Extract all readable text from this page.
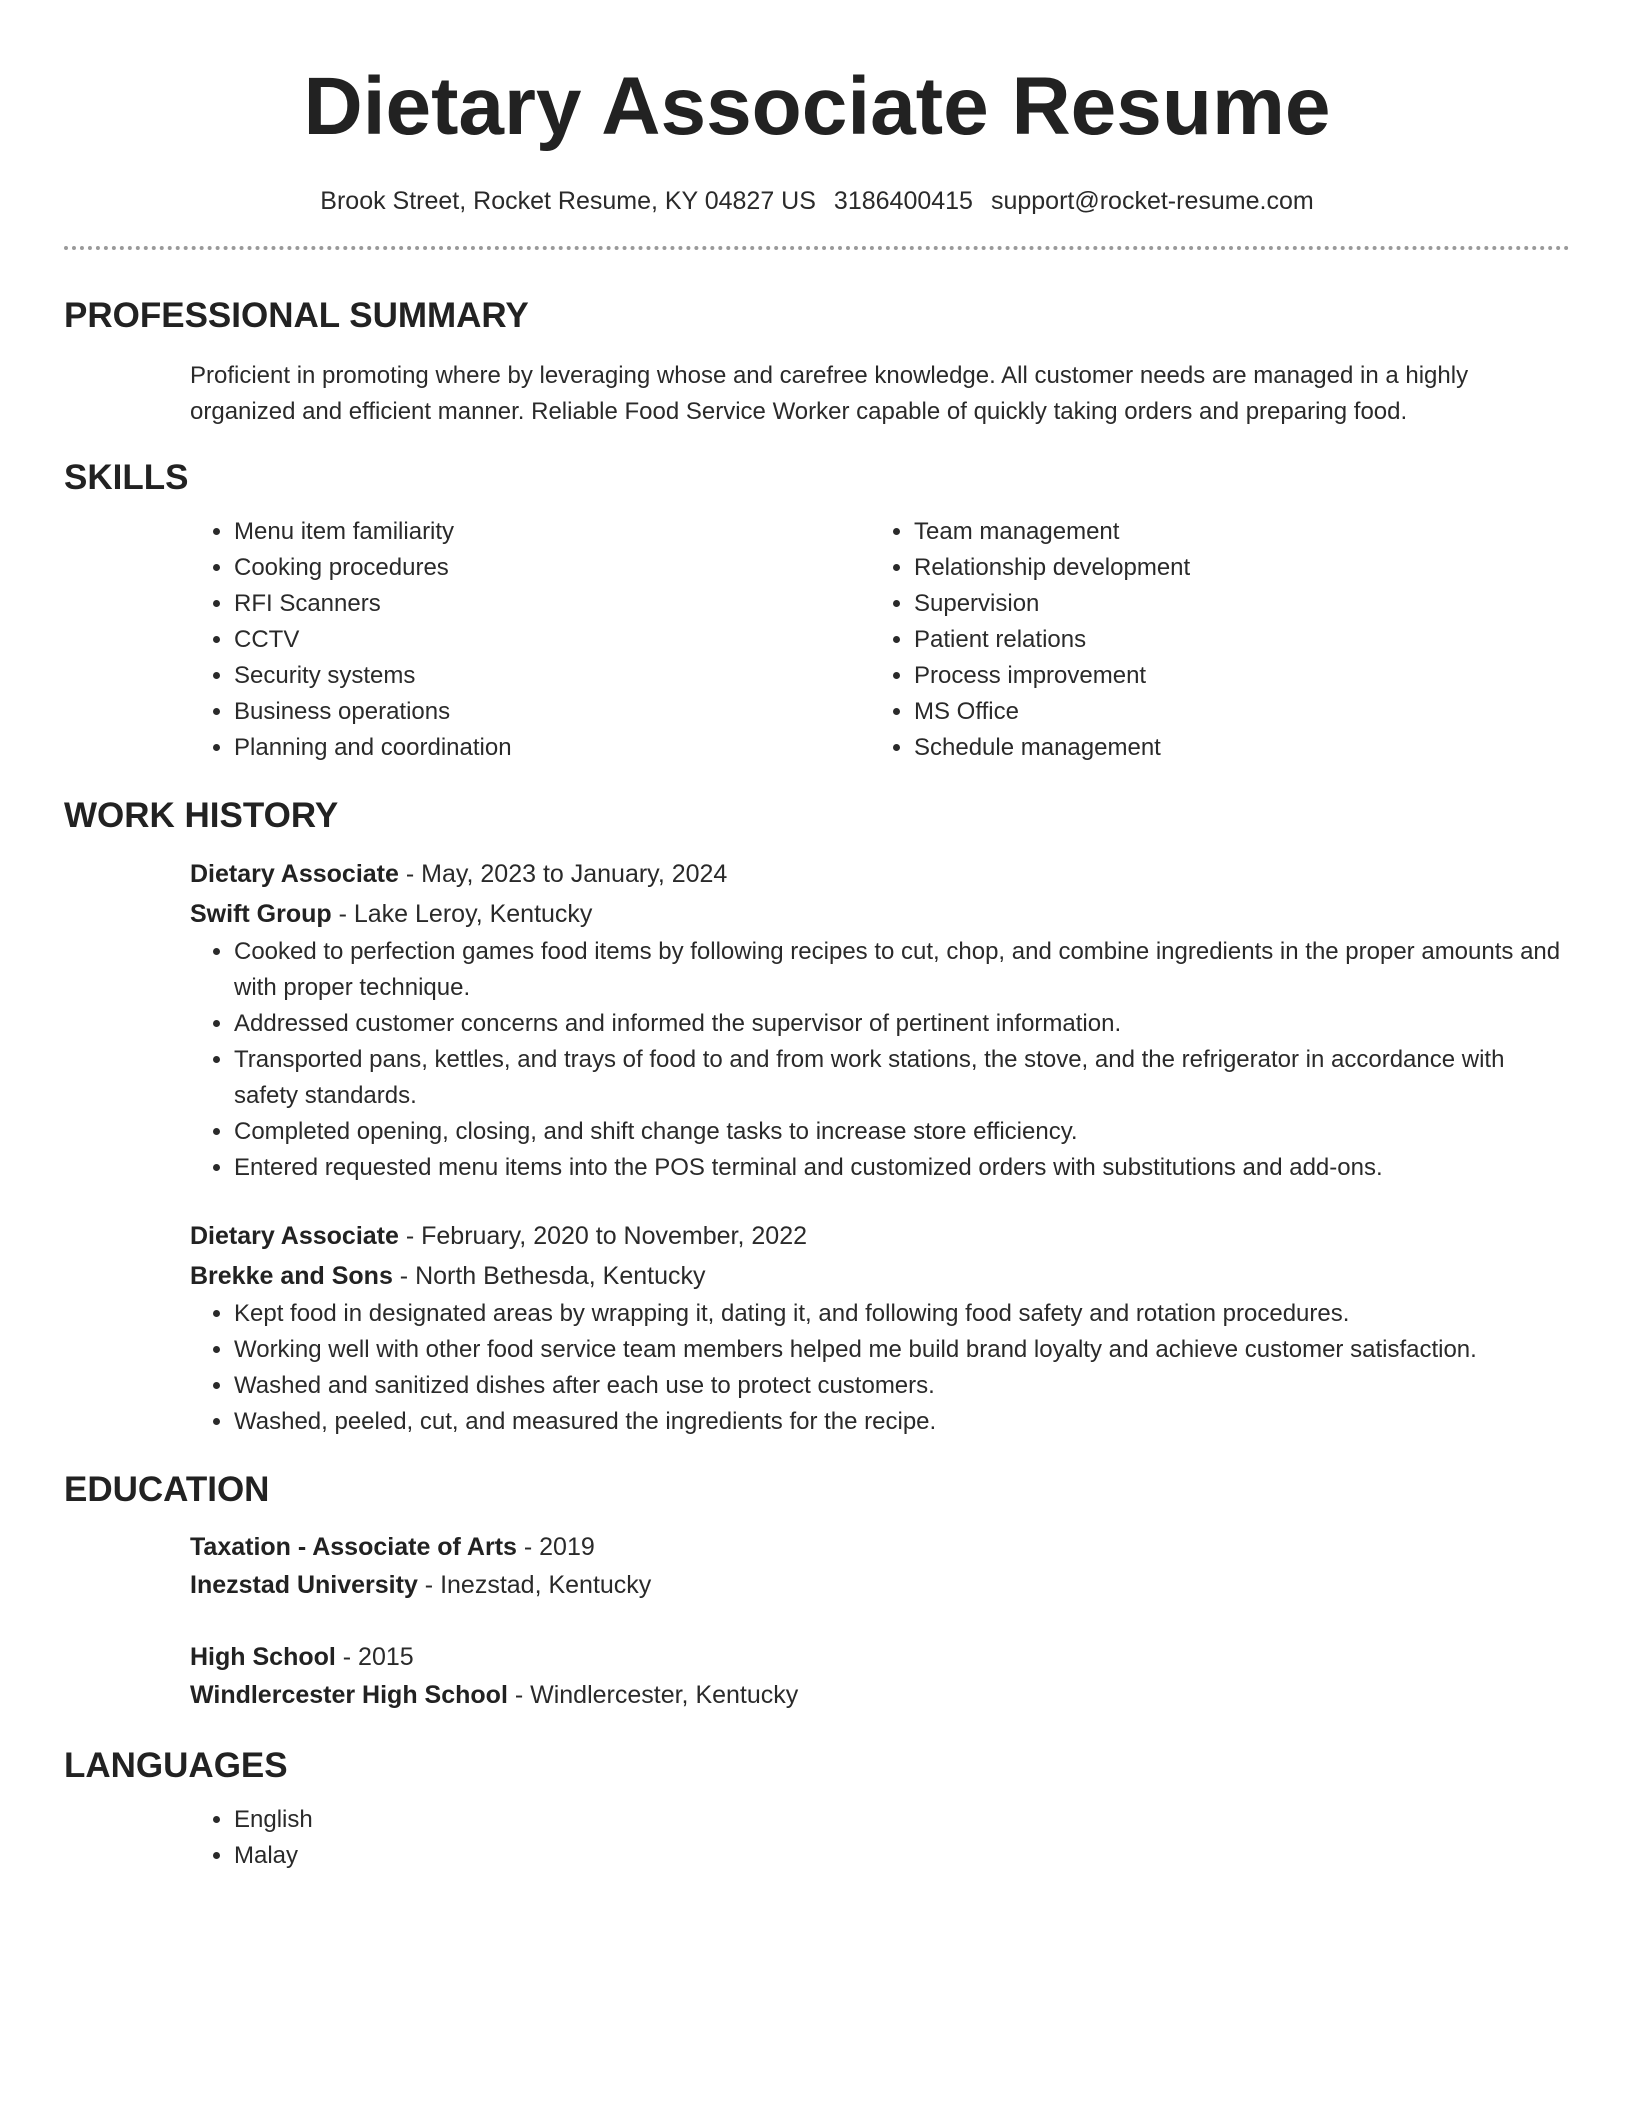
Dietary Associate Resume
Brook Street, Rocket Resume, KY 04827 US 3186400415 support@rocket-resume.com
PROFESSIONAL SUMMARY
Proficient in promoting where by leveraging whose and carefree knowledge. All customer needs are managed in a highly organized and efficient manner. Reliable Food Service Worker capable of quickly taking orders and preparing food.
SKILLS
• Menu item familiarity
• Cooking procedures
• RFI Scanners
• CCTV
• Security systems
• Business operations
• Planning and coordination
• Team management
• Relationship development
• Supervision
• Patient relations
• Process improvement
• MS Office
• Schedule management
WORK HISTORY
Dietary Associate - May, 2023 to January, 2024
Swift Group - Lake Leroy, Kentucky
• Cooked to perfection games food items by following recipes to cut, chop, and combine ingredients in the proper amounts and with proper technique.
• Addressed customer concerns and informed the supervisor of pertinent information.
• Transported pans, kettles, and trays of food to and from work stations, the stove, and the refrigerator in accordance with safety standards.
• Completed opening, closing, and shift change tasks to increase store efficiency.
• Entered requested menu items into the POS terminal and customized orders with substitutions and add-ons.
Dietary Associate - February, 2020 to November, 2022
Brekke and Sons - North Bethesda, Kentucky
• Kept food in designated areas by wrapping it, dating it, and following food safety and rotation procedures.
• Working well with other food service team members helped me build brand loyalty and achieve customer satisfaction.
• Washed and sanitized dishes after each use to protect customers.
• Washed, peeled, cut, and measured the ingredients for the recipe.
EDUCATION
Taxation - Associate of Arts - 2019
Inezstad University - Inezstad, Kentucky
High School - 2015
Windlercester High School - Windlercester, Kentucky
LANGUAGES
• English
• Malay
